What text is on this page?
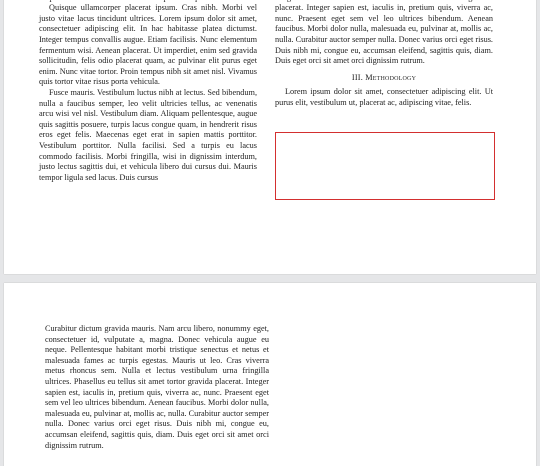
Quisque ullamcorper placerat ipsum. Cras nibh. Morbi vel justo vitae lacus tincidunt ultrices. Lorem ipsum dolor sit amet, consectetuer adipiscing elit. In hac habitasse platea dictumst. Integer tempus convallis augue. Etiam facilisis. Nunc elementum fermentum wisi. Aenean placerat. Ut imperdiet, enim sed gravida sollicitudin, felis odio placerat quam, ac pulvinar elit purus eget enim. Nunc vitae tortor. Proin tempus nibh sit amet nisl. Vivamus quis tortor vitae risus porta vehicula.

Fusce mauris. Vestibulum luctus nibh at lectus. Sed bibendum, nulla a faucibus semper, leo velit ultricies tellus, ac venenatis arcu wisi vel nisl. Vestibulum diam. Aliquam pellentesque, augue quis sagittis posuere, turpis lacus congue quam, in hendrerit risus eros eget felis. Maecenas eget erat in sapien mattis porttitor. Vestibulum porttitor. Nulla facilisi. Sed a turpis eu lacus commodo facilisis. Morbi fringilla, wisi in dignissim interdum, justo lectus sagittis dui, et vehicula libero dui cursus dui. Mauris tempor ligula sed lacus. Duis cursus

placerat. Integer sapien est, iaculis in, pretium quis, viverra ac, nunc. Praesent eget sem vel leo ultrices bibendum. Aenean faucibus. Morbi dolor nulla, malesuada eu, pulvinar at, mollis ac, nulla. Curabitur auctor semper nulla. Donec varius orci eget risus. Duis nibh mi, congue eu, accumsan eleifend, sagittis quis, diam. Duis eget orci sit amet orci dignissim rutrum.

III. Methodology

Lorem ipsum dolor sit amet, consectetuer adipiscing elit. Ut purus elit, vestibulum ut, placerat ac, adipiscing vitae, felis.

Curabitur dictum gravida mauris. Nam arcu libero, nonummy eget, consectetuer id, vulputate a, magna. Donec vehicula augue eu neque. Pellentesque habitant morbi tristique senectus et netus et malesuada fames ac turpis egestas. Mauris ut leo. Cras viverra metus rhoncus sem. Nulla et lectus vestibulum urna fringilla ultrices. Phasellus eu tellus sit amet tortor gravida placerat. Integer sapien est, iaculis in, pretium quis, viverra ac, nunc. Praesent eget sem vel leo ultrices bibendum. Aenean faucibus. Morbi dolor nulla, malesuada eu, pulvinar at, mollis ac, nulla. Curabitur auctor semper nulla. Donec varius orci eget risus. Duis nibh mi, congue eu, accumsan eleifend, sagittis quis, diam. Duis eget orci sit amet orci dignissim rutrum.
